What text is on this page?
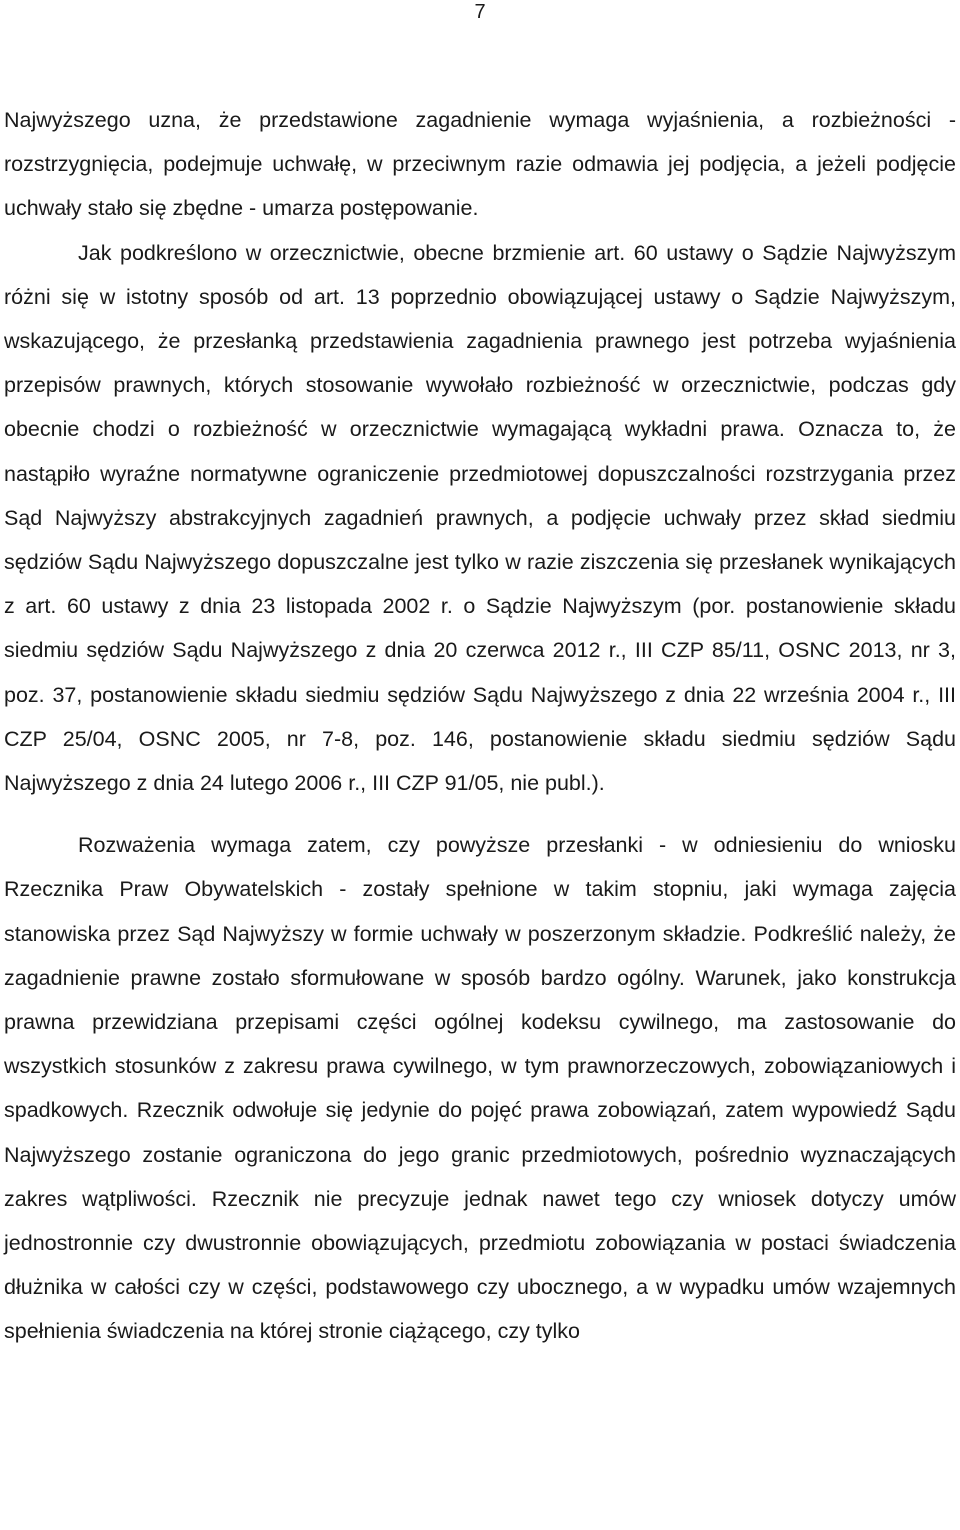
7

Najwyższego uzna, że przedstawione zagadnienie wymaga wyjaśnienia, a rozbieżności - rozstrzygnięcia, podejmuje uchwałę, w przeciwnym razie odmawia jej podjęcia, a jeżeli podjęcie uchwały stało się zbędne - umarza postępowanie.

Jak podkreślono w orzecznictwie, obecne brzmienie art. 60 ustawy o Sądzie Najwyższym różni się w istotny sposób od art. 13 poprzednio obowiązującej ustawy o Sądzie Najwyższym, wskazującego, że przesłanką przedstawienia zagadnienia prawnego jest potrzeba wyjaśnienia przepisów prawnych, których stosowanie wywołało rozbieżność w orzecznictwie, podczas gdy obecnie chodzi o rozbieżność w orzecznictwie wymagającą wykładni prawa. Oznacza to, że nastąpiło wyraźne normatywne ograniczenie przedmiotowej dopuszczalności rozstrzygania przez Sąd Najwyższy abstrakcyjnych zagadnień prawnych, a podjęcie uchwały przez skład siedmiu sędziów Sądu Najwyższego dopuszczalne jest tylko w razie ziszczenia się przesłanek wynikających z art. 60 ustawy z dnia 23 listopada 2002 r. o Sądzie Najwyższym (por. postanowienie składu siedmiu sędziów Sądu Najwyższego z dnia 20 czerwca 2012 r., III CZP 85/11, OSNC 2013, nr 3, poz. 37, postanowienie składu siedmiu sędziów Sądu Najwyższego z dnia 22 września 2004 r., III CZP 25/04, OSNC 2005, nr 7-8, poz. 146, postanowienie składu siedmiu sędziów Sądu Najwyższego z dnia 24 lutego 2006 r., III CZP 91/05, nie publ.).

Rozważenia wymaga zatem, czy powyższe przesłanki - w odniesieniu do wniosku Rzecznika Praw Obywatelskich - zostały spełnione w takim stopniu, jaki wymaga zajęcia stanowiska przez Sąd Najwyższy w formie uchwały w poszerzonym składzie. Podkreślić należy, że zagadnienie prawne zostało sformułowane w sposób bardzo ogólny. Warunek, jako konstrukcja prawna przewidziana przepisami części ogólnej kodeksu cywilnego, ma zastosowanie do wszystkich stosunków z zakresu prawa cywilnego, w tym prawnorzeczowych, zobowiązaniowych i spadkowych. Rzecznik odwołuje się jedynie do pojęć prawa zobowiązań, zatem wypowiedź Sądu Najwyższego zostanie ograniczona do jego granic przedmiotowych, pośrednio wyznaczających zakres wątpliwości. Rzecznik nie precyzuje jednak nawet tego czy wniosek dotyczy umów jednostronnie czy dwustronnie obowiązujących, przedmiotu zobowiązania w postaci świadczenia dłużnika w całości czy w części, podstawowego czy ubocznego, a w wypadku umów wzajemnych spełnienia świadczenia na której stronie ciążącego, czy tylko
